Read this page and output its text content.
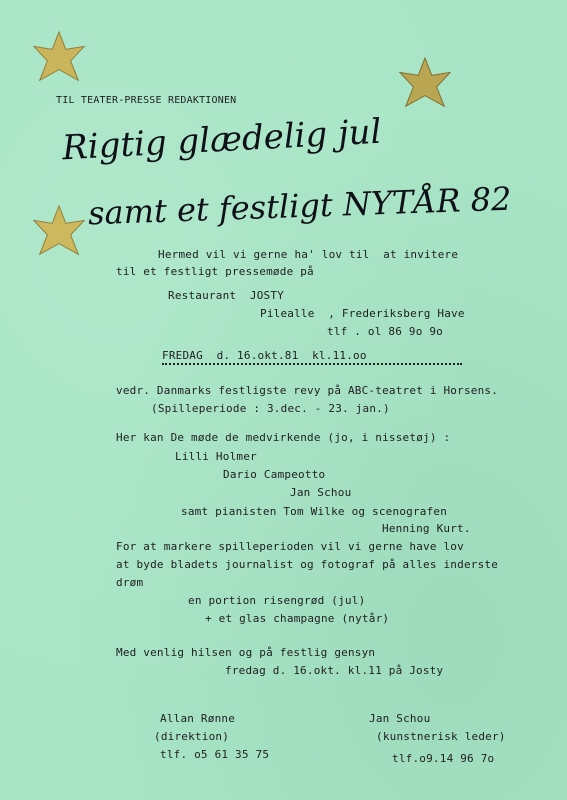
TIL TEATER-PRESSE REDAKTIONEN
Rigtig glædelig jul
samt et festligt NYTÅR 82
Hermed vil vi gerne ha' lov til  at invitere
til et festligt pressemøde på
Restaurant  JOSTY
Pilealle  , Frederiksberg Have
tlf . ol 86 9o 9o
FREDAG  d. 16.okt.81  kl.11.oo
vedr. Danmarks festligste revy på ABC-teatret i Horsens.
(Spilleperiode : 3.dec. - 23. jan.)
Her kan De møde de medvirkende (jo, i nissetøj) :
Lilli Holmer
Dario Campeotto
Jan Schou
samt pianisten Tom Wilke og scenografen
Henning Kurt.
For at markere spilleperioden vil vi gerne have lov
at byde bladets journalist og fotograf på alles inderste
drøm
en portion risengrød (jul)
+ et glas champagne (nytår)
Med venlig hilsen og på festlig gensyn
fredag d. 16.okt. kl.11 på Josty
Allan Rønne
(direktion)
tlf. o5 61 35 75
Jan Schou
(kunstnerisk leder)
tlf.o9.14 96 7o
